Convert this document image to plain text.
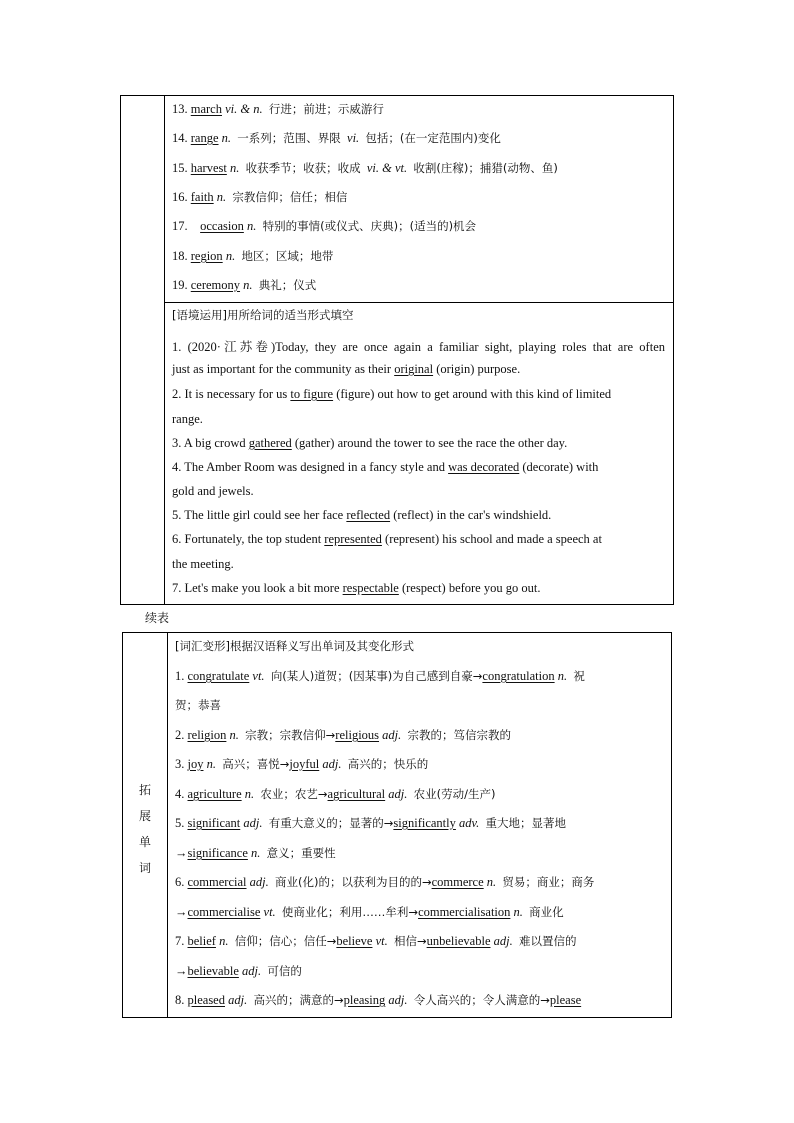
13. march vi. & n. 行进；前进；示威游行
14. range n. 一系列；范围、界限 vi. 包括；(在一定范围内)变化
15. harvest n. 收获季节；收获；收成 vi. & vt. 收割(庄稼)；捕猎(动物、鱼)
16. faith n. 宗教信仰；信任；相信
17. occasion n. 特别的事情(或仪式、庆典)；(适当的)机会
18. region n. 地区；区域；地带
19. ceremony n. 典礼；仪式
[语境运用]用所给词的适当形式填空
1. (2020·江苏卷)Today, they are once again a familiar sight, playing roles that are often
just as important for the community as their original (origin) purpose.
2. It is necessary for us to figure (figure) out how to get around with this kind of limited
range.
3. A big crowd gathered (gather) around the tower to see the race the other day.
4. The Amber Room was designed in a fancy style and was decorated (decorate) with
gold and jewels.
5. The little girl could see her face reflected (reflect) in the car's windshield.
6. Fortunately, the top student represented (represent) his school and made a speech at
the meeting.
7. Let's make you look a bit more respectable (respect) before you go out.
续表
拓
展
单
词
[词汇变形]根据汉语释义写出单词及其变化形式
1. congratulate vt. 向(某人)道贺；(因某事)为自己感到自豪→congratulation n. 祝
贺；恭喜
2. religion n. 宗教；宗教信仰→religious adj. 宗教的；笃信宗教的
3. joy n. 高兴；喜悦→joyful adj. 高兴的；快乐的
4. agriculture n. 农业；农艺→agricultural adj. 农业(劳动/生产)
5. significant adj. 有重大意义的；显著的→significantly adv. 重大地；显著地
→significance n. 意义；重要性
6. commercial adj. 商业(化)的；以获利为目的的→commerce n. 贸易；商业；商务
→commercialise vt. 使商业化；利用……牟利→commercialisation n. 商业化
7. belief n. 信仰；信心；信任→believe vt. 相信→unbelievable adj. 难以置信的
→believable adj. 可信的
8. pleased adj. 高兴的；满意的→pleasing adj. 令人高兴的；令人满意的→please
